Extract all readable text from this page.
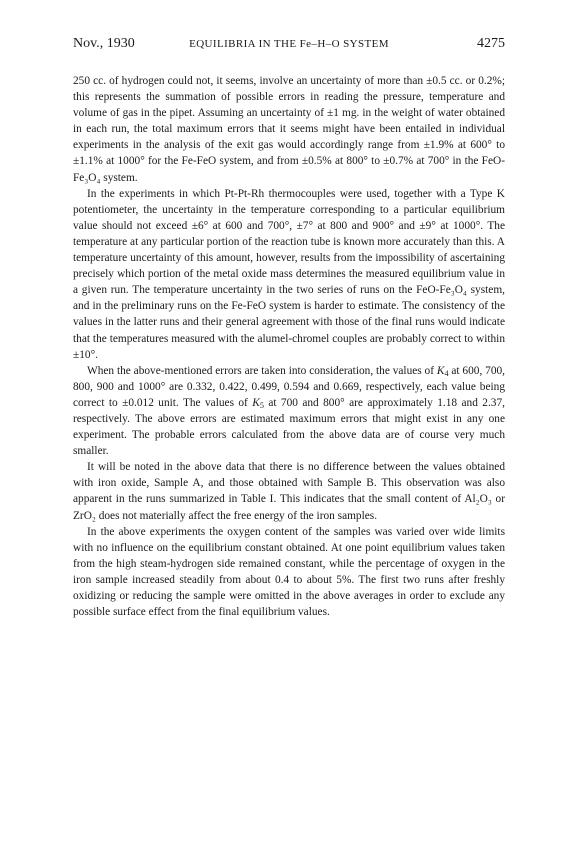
Nov., 1930	EQUILIBRIA IN THE Fe–H–O SYSTEM	4275

250 cc. of hydrogen could not, it seems, involve an uncertainty of more than ±0.5 cc. or 0.2%; this represents the summation of possible errors in reading the pressure, temperature and volume of gas in the pipet. Assuming an uncertainty of ±1 mg. in the weight of water obtained in each run, the total maximum errors that it seems might have been entailed in individual experiments in the analysis of the exit gas would accordingly range from ±1.9% at 600° to ±1.1% at 1000° for the Fe-FeO system, and from ±0.5% at 800° to ±0.7% at 700° in the FeO-Fe₃O₄ system.

In the experiments in which Pt-Pt-Rh thermocouples were used, together with a Type K potentiometer, the uncertainty in the temperature corresponding to a particular equilibrium value should not exceed ±6° at 600 and 700°, ±7° at 800 and 900° and ±9° at 1000°. The temperature at any particular portion of the reaction tube is known more accurately than this. A temperature uncertainty of this amount, however, results from the impossibility of ascertaining precisely which portion of the metal oxide mass determines the measured equilibrium value in a given run. The temperature uncertainty in the two series of runs on the FeO-Fe₃O₄ system, and in the preliminary runs on the Fe-FeO system is harder to estimate. The consistency of the values in the latter runs and their general agreement with those of the final runs would indicate that the temperatures measured with the alumel-chromel couples are probably correct to within ±10°.

When the above-mentioned errors are taken into consideration, the values of $K_4$ at 600, 700, 800, 900 and 1000° are 0.332, 0.422, 0.499, 0.594 and 0.669, respectively, each value being correct to ±0.012 unit. The values of $K_5$ at 700 and 800° are approximately 1.18 and 2.37, respectively. The above errors are estimated maximum errors that might exist in any one experiment. The probable errors calculated from the above data are of course very much smaller.

It will be noted in the above data that there is no difference between the values obtained with iron oxide, Sample A, and those obtained with Sample B. This observation was also apparent in the runs summarized in Table I. This indicates that the small content of Al₂O₃ or ZrO₂ does not materially affect the free energy of the iron samples.

In the above experiments the oxygen content of the samples was varied over wide limits with no influence on the equilibrium constant obtained. At one point equilibrium values taken from the high steam-hydrogen side remained constant, while the percentage of oxygen in the iron sample increased steadily from about 0.4 to about 5%. The first two runs after freshly oxidizing or reducing the sample were omitted in the above averages in order to exclude any possible surface effect from the final equilibrium values.
